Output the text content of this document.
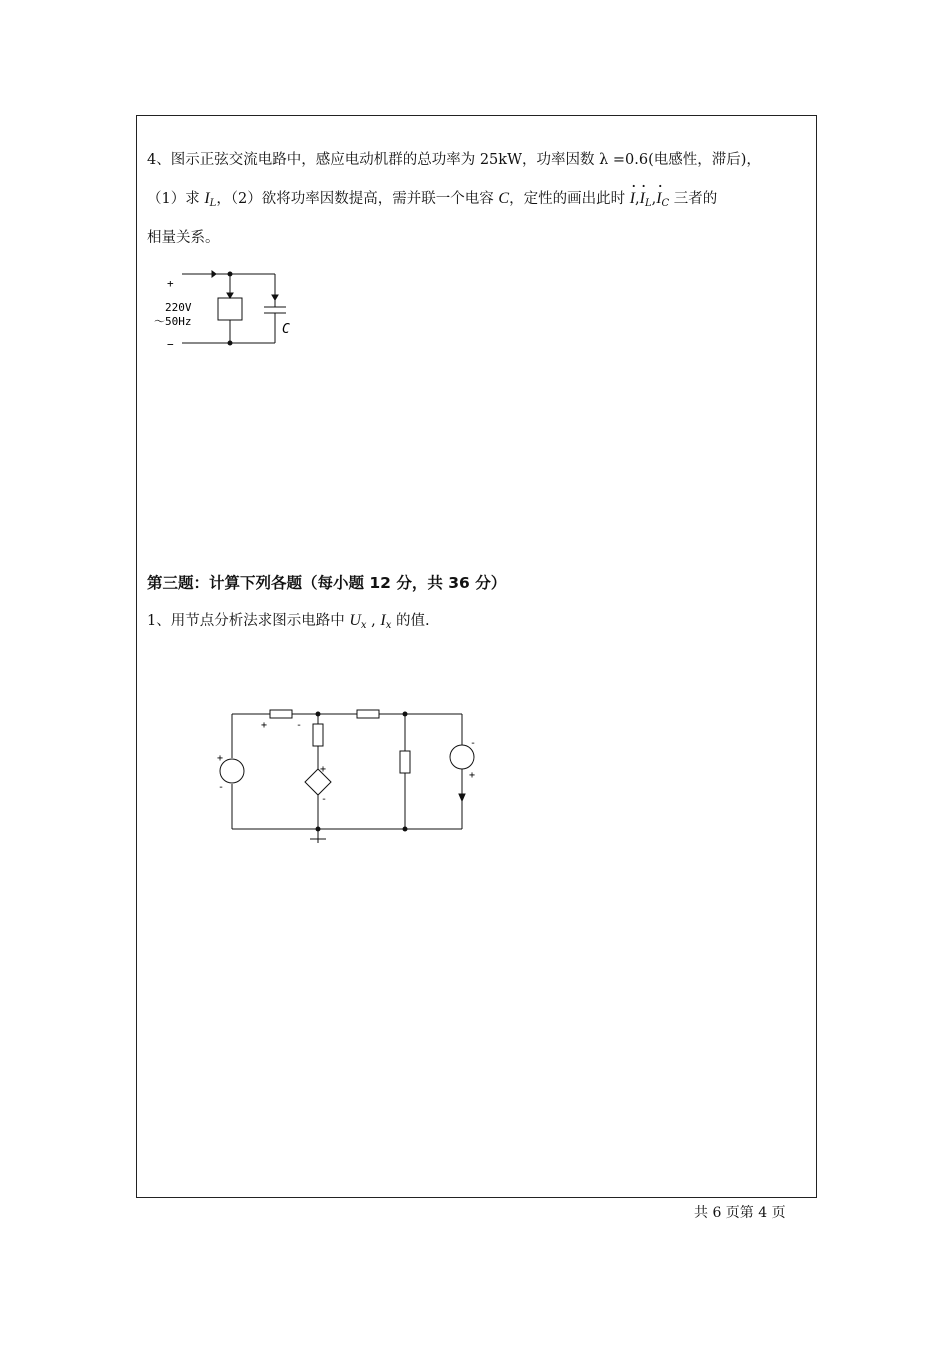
4、图示正弦交流电路中，感应电动机群的总功率为 25kW，功率因数 λ =0.6(电感性，滞后)，
（1）求 $I_L$，（2）欲将功率因数提高，需并联一个电容 C，定性的画出此时 · $I,\cdot I_L,\cdot I_C$ 三者的
相量关系。
+
220V
～50Hz
−
C
第三题：计算下列各题（每小题 12 分，共 36 分）
1、用节点分析法求图示电路中 $U_x$ , $I_x$ 的值.
+	-
+
-
+
-
-
+
共 6 页第 4 页
